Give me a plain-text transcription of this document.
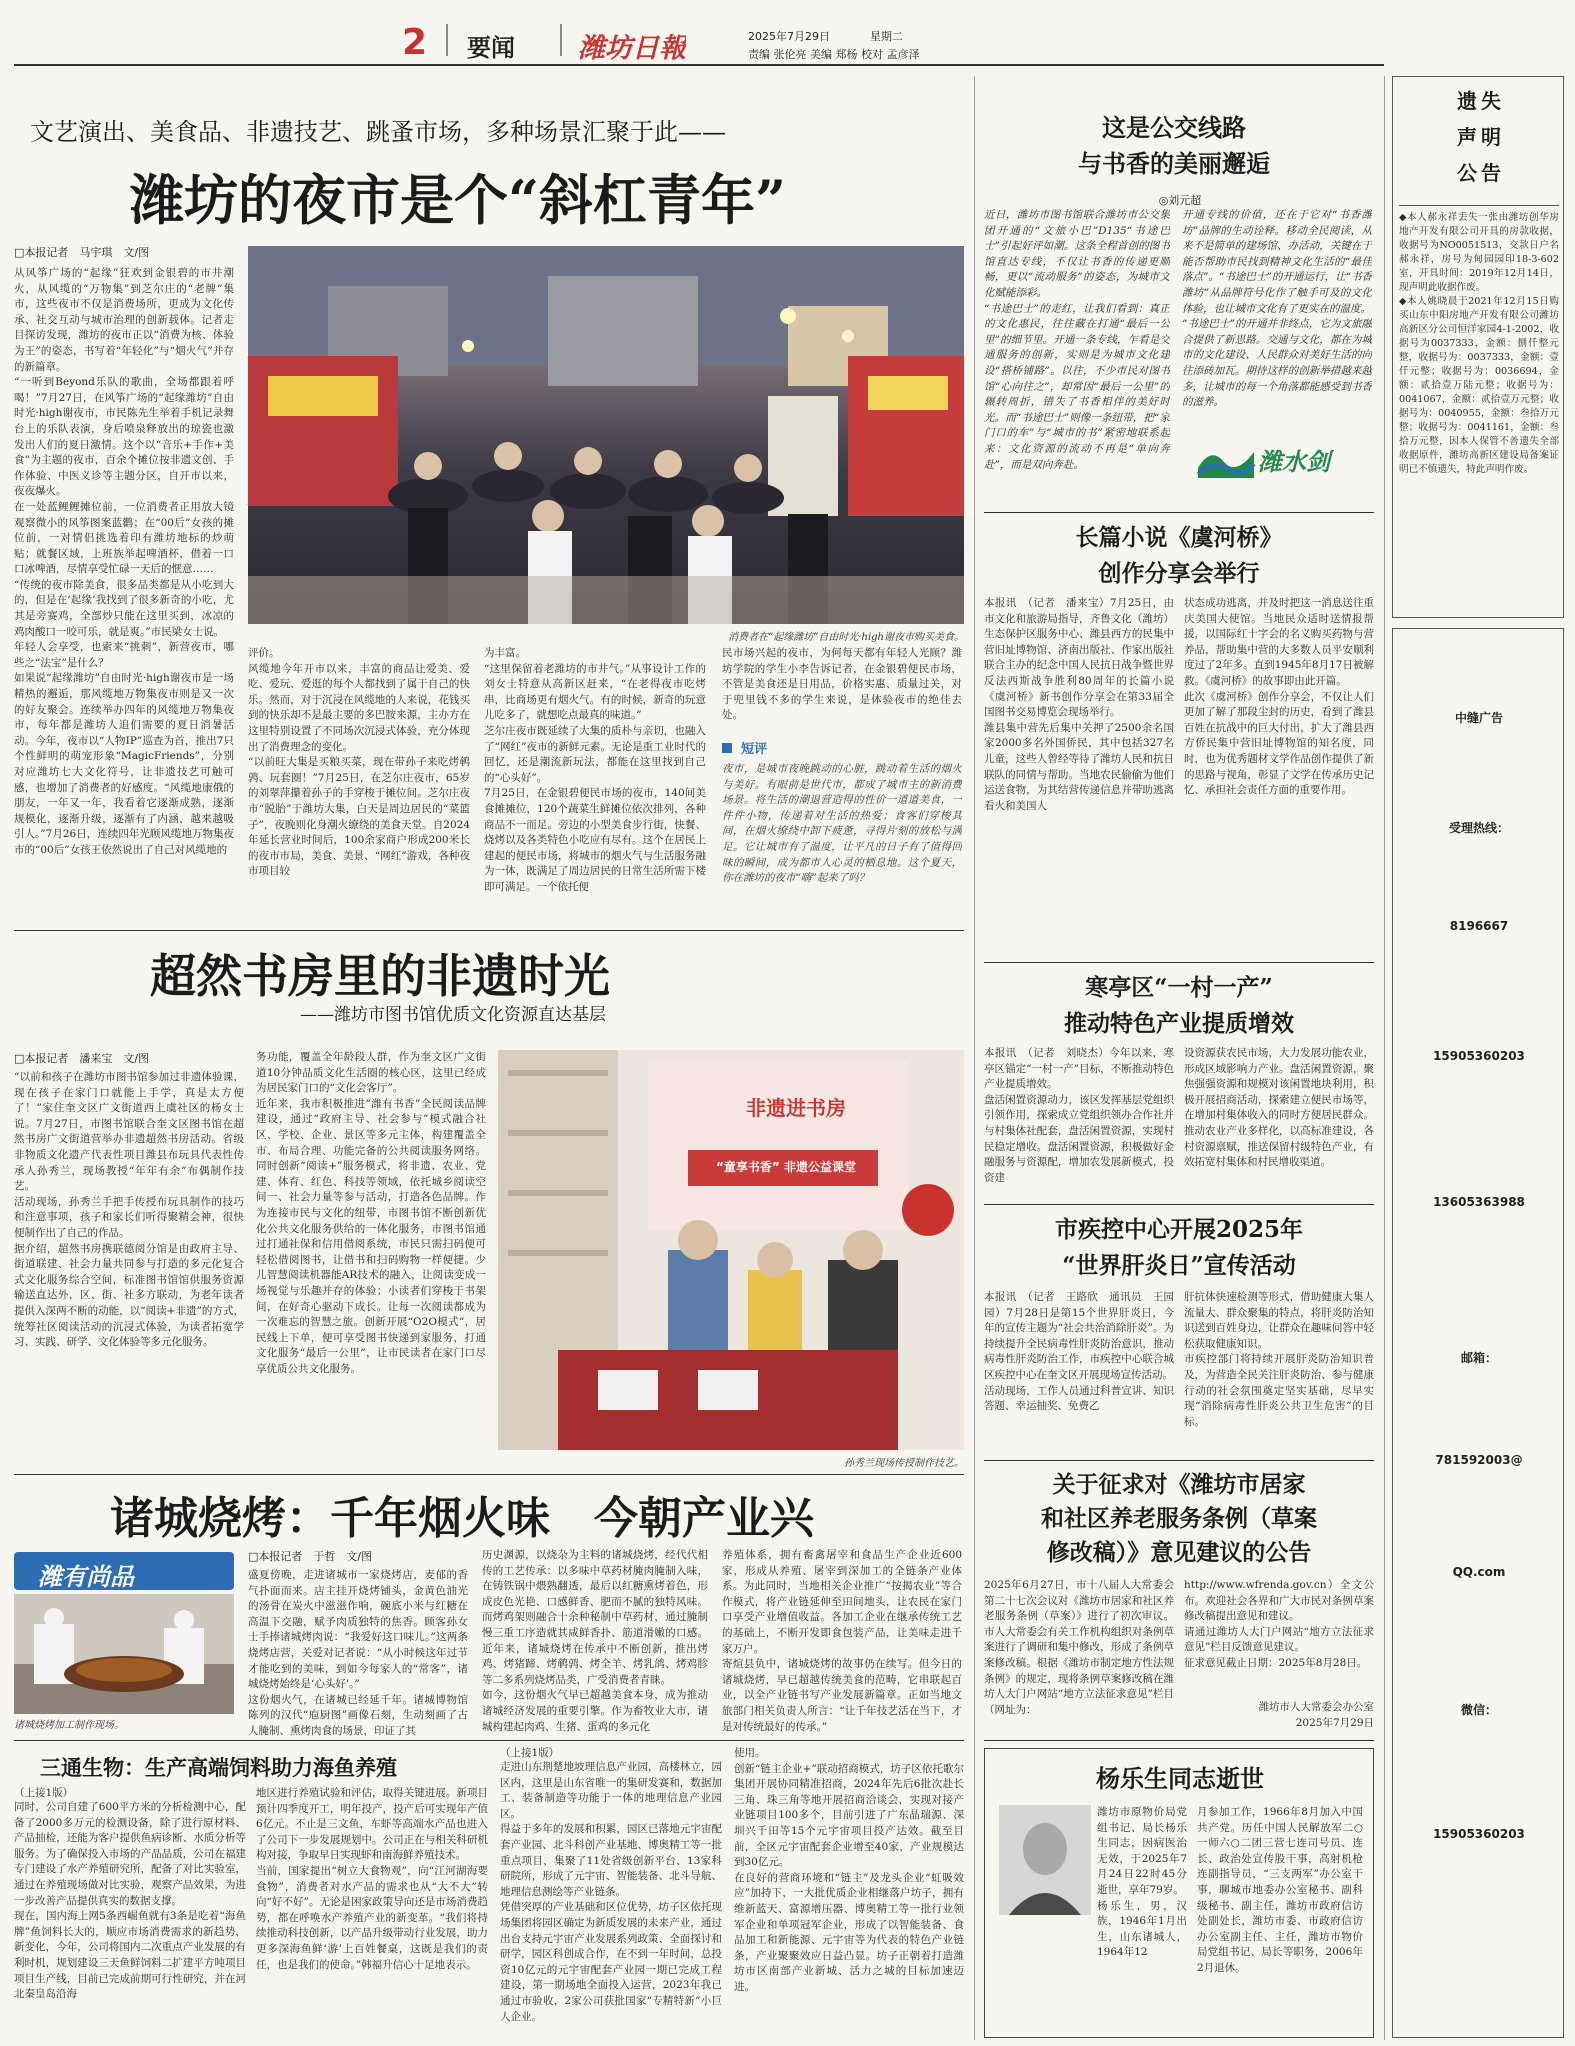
2 要闻 潍坊日報	2025年7月29日	星期二
责编 张伦亮 美编 郑杨 校对 孟彦泽
文艺演出、美食品、非遗技艺、跳蚤市场，多种场景汇聚于此——
潍坊的夜市是个“斜杠青年”
□本报记者　马宇琪　文/图
从风筝广场的“起缘”狂欢到金银碧的市井潮火，从风缆的“万物集”到芝尔庄的“老牌”集市，这些夜市不仅是消费场所，更成为文化传承、社交互动与城市治理的创新载体。记者走目探访发现，潍坊的夜市正以“消费为核、体验为王”的姿态，书写着“年轻化”与“烟火气”并存的新篇章。
“一听到Beyond乐队的歌曲，全场都跟着呼喝！”7月27日，在风筝广场的“起缘潍坊”自由时光·high谢夜市，市民陈先生举着手机记录舞台上的乐队表演，身后喷泉释放出的琼瓷也激发出人们的夏日激情。这个以“音乐+手作+美食”为主题的夜市，百余个摊位按非遗文创、手作体验、中医义诊等主题分区，自开市以来，夜夜爆火。
在一处蓝鲤鲤摊位前，一位消费者正用放大镜观察微小的风筝图案蓝鹳；在“00后”女孩的摊位前，一对情侣挑选着印有潍坊地标的炒萌贴；就餐区域，上班族举起啤酒杯，借着一口口冰啤酒，尽情享受忙碌一天后的惬意……
“传统的夜市除美食，很多品类都是从小吃到大的，但是在‘起缘’我找到了很多新奇的小吃，尤其是旁赛鸡，全部炒只能在这里买到，冰凉的鸡肉酸口一咬可乐，就是爽。”市民梁女士说。
年轻人会享受，也索来“挑刺”，新营夜市，哪些之“法宝”是什么？
如果说“起缘潍坊”自由时光·high谢夜市是一场精热的邂逅，那风缆地万物集夜市则是又一次的好友聚会。连续举办四年的风缆地万物集夜市，每年都是潍坊人追们需要的夏日消暑活动。今年，夜市以“人物IP”巡查为首，推出7只个性鲜明的萌宠形象“MagicFriends”，分别对应潍坊七大文化符号，让非遗技艺可触可感，也增加了消费者的好感度。“风缆地康俄的朋友，一年又一年，我看着它逐渐成熟，逐渐规模化，逐渐升级，逐渐有了内涵，越来越吸引人。”7月26日，连续四年光顾风缆地万物集夜市的“00后”女孩王依然说出了自己对风缆地的
消费者在“起缘潍坊”自由时光·high谢夜市购买美食。
评价。
风缆地今年开市以来，丰富的商品让爱美、爱吃、爱玩、爱逛的每个人都找到了属于自己的快乐。然而，对于沉浸在风缆地的人来说，花钱买到的快乐却不是最主要的多巴胺来源，主办方在这里特别设置了不同场次沉浸式体验，充分体现出了消费理念的变化。
“以前旺大集是买粮买菜，现在带孙子来吃烤鹌鹑、玩套圈！”7月25日，在芝尔庄夜市，65岁的刘翠萍攥着孙子的手穿梭于摊位间。芝尔庄夜市“脱胎”于潍坊大集，白天是周边居民的“菜篮子”，夜晚则化身潮火缭绕的美食天堂。自2024年延长营业时间后，100余家商户形成200米长的夜市市局，美食、美景、“网红”游戏，各种夜市项目较
为丰富。
“这里保留着老潍坊的市井气。”从事设计工作的刘女士特意从高新区赶来，“在老得夜市吃烤串，比商场更有烟火气。有的时候，新奇的玩意儿吃多了，就想吃点最真的味道。”
芝尔庄夜市既延续了大集的质朴与亲切，也融入了“网红”夜市的新鲜元素。无论是重工业时代的回忆，还是潮流新玩法，都能在这里找到自己的“心头好”。
7月25日，在金银碧便民市场的夜市，140间美食摊摊位，120个蔬菜生鲜摊位依次排列，各种商品不一而足。旁边的小型美食步行街，快餐、烧烤以及各类特色小吃应有尽有。这个在居民上建起的便民市场，将城市的烟火气与生活服务融为一体，既满足了周边居民的日常生活所需下楼即可满足。一个依托便
民市场兴起的夜市，为何每天都有年轻人光顾？潍坊学院的学生小李告诉记者，在金银碧便民市场，不管是美食还是日用品，价格实惠、质量过关，对于兜里钱不多的学生来说，是体验夜市的绝佳去处。
短评
夜市，是城市夜晚跳动的心脏，跳动着生活的烟火与美好。有眼前是世代市，都成了城市主的新消费场景。将生活的潮退营造得的性价一道道美食，一件件小物，传递着对生活的热爱；食客们穿梭其间，在烟火缭绕中卸下疲惫，寻得片刻的放松与满足。它让城市有了温度，让平凡的日子有了值得回味的瞬间，成为都市人心灵的栖息地。这个夏天，你在潍坊的夜市“嗨”起来了吗？
超然书房里的非遗时光
——潍坊市图书馆优质文化资源直达基层
□本报记者　潘来宝　文/图
“以前和孩子在潍坊市图书馆参加过非遗体验课，现在孩子在家门口就能上手学，真是太方便了！”家住奎文区广文街道西上虞社区的杨女士说。7月27日，市图书馆联合奎文区图书馆在超然书房广文街道营举办非遗超然书房活动。省级非物质文化遗产代表性项目潍县布玩具代表性传承人孙秀兰，现场教授“年年有余”布偶制作技艺。
活动现场，孙秀兰手把手传授布玩具制作的技巧和注意事项，孩子和家长们听得聚精会神，很快便制作出了自己的作品。
据介绍，超然书房携联德阅分馆是由政府主导、街道联建、社会力量共同参与打造的多元化复合式文化服务综合空间，标准图书馆馆供服务资源输送直达外，区、街、社多方联动，为老年读者提供入深两不断的动能，以“阅读+非遗”的方式，统筹社区阅读活动的沉浸式体验，为读者拓宽学习、实践、研学、文化体验等多元化服务。
务功能，覆盖全年龄段人群，作为奎文区广文街道10分钟品质文化生活圈的核心区，这里已经成为居民家门口的“文化会客厅”。
近年来，我市积极推进“潍有书香”全民阅读品牌建设，通过“政府主导、社会参与”模式融合社区、学校、企业、景区等多元主体，构建覆盖全市、布局合理、功能完备的公共阅读服务网络。同时创新“阅读+”服务模式，将非遗、农业、党建、体育、红色、科技等领域，依托城乡阅读空间一、社会力量等参与活动，打造各色品牌。作为连接市民与文化的纽带，市图书馆不断创新优化公共文化服务供给的一体化服务，市图书馆通过打通社保和信用借阅系统，市民只需扫码便可轻松借阅图书，让借书和扫码购物一样便捷。少儿智慧阅读机器能AR技术的融入，让阅读变成一场视觉与乐趣并存的体验；小读者们穿梭于书架间，在好奇心驱动下成长。让每一次阅读都成为一次难忘的智慧之旅。创新开展“O2O模式”，居民线上下单，便可享受图书快递到家服务，打通文化服务“最后一公里”，让市民读者在家门口尽享优质公共文化服务。
非遗进书房
“童享书香” 非遗公益课堂
孙秀兰现场传授制作技艺。
诸城烧烤：千年烟火味　今朝产业兴
潍有尚品
诸城烧烤加工制作现场。
□本报记者　于哲　文/图
盛夏傍晚，走进诸城市一家烧烤店，麦郁的香气扑面而来。店主挂开烧烤铺头，金黄色油光的汤骨在炭火中滋滋作响，碗底小米与红糖在高温下交融，赋予肉质独特的焦香。顾客孙女士手捧诸城烤肉说：“我爱好这口味儿。”这两条烧烤店营，关爱对记者说：“从小时候这年过节才能吃到的美味，到如今每家人的“常客”，诸城烧烤始终是‘心头好’。”
这份烟火气，在诸城已经延千年。诸城博物馆陈列的汉代“庖厨图”画像石刻，生动刻画了古人腌制、熏烤肉食的场景，印证了其
历史渊源，以烧杂为主料的诸城烧烤，经代代相传的工艺传承：以多味中草药材腌肉腌制入味，在铸铁锅中煨熟翻透，最后以红糖熏烤着色，形成皮色光艳、口感鲜香、肥而不腻的独特风味。而烤鸡架则融合十余种秘制中草药材，通过腌制慢三重工序造就其咸鲜香扑、筋道滑嫩的口感。近年来，诸城烧烤在传承中不断创新，推出烤鸡、烤猪蹄、烤鹌鹑、烤全羊、烤乳鸽、烤鸡胗等二多系列烧烤品类，广受消费者青睐。
如今，这份烟火气早已超越美食本身，成为推动诸城经济发展的重要引擎。作为畜牧业大市，诸城构建起肉鸡、生猪、蛋鸡的多元化
养殖体系，拥有畜禽屠宰和食品生产企业近600家，形成从养殖、屠宰到深加工的全链条产业体系。为此同时，当地相关企业推广“按揭农业”等合作模式，将产业链延伸至田间地头，让农民在家门口享受产业增值收益。各加工企业在继承传统工艺的基础上，不断开发即食包装产品，让美味走进千家万户。
寄煊县负中，诸城烧烤的故事仍在续写。但今日的诸城烧烤，早已超越传统美食的范畴，它串联起百业，以全产业链书写产业发展新篇章。正如当地文旅部门相关负责人所言：“让千年技艺活在当下，才是对传统最好的传承。”
三通生物：生产高端饲料助力海鱼养殖
（上接1版）
同时，公司自建了600平方米的分析检测中心，配备了2000多万元的检测设备，除了进行原材料、产品抽检，还能为客户提供鱼病诊断、水质分析等服务。为了确保投入市场的产品品质，公司在福建专门建设了水产养殖研究所，配备了对比实验室，通过在养殖现场做对比实验，观察产品效果，为进一步改善产品提供真实的数据支撑。
现在，国内海上网5条西崛鱼就有3条是吃着“海鱼牌”鱼饲料长大的，顺应市场消费需求的新趋势，新变化，今年，公司将国内二次重点产业发展的有利时机，规划建设三天鱼鲜饲料二扩建平方吨项目项目生产线，目前已完成前期可行性研究，并在河北秦皇岛沿海
地区进行养殖试验和评估，取得关键进展。新项目预计四季度开工，明年投产，投产后可实现年产值6亿元。不止是三文鱼，车虾等高端水产品也进入了公司下一步发展规划中。公司正在与相关科研机构对接，争取早日实现虾和南海鲜养殖技术。
当前，国家提出“树立大食物观”，向“江河湖海要食物”，消费者对水产品的需求也从“大不大”转向“好不好”。无论是困家政策导向还是市场消费趋势，都在呼唤水产养殖产业的新变革。“我们将持续推动科技创新，以产品升级带动行业发展，助力更多深海鱼鲜‘游’上百姓餐桌，这既是我们的责任，也是我们的使命。”韩福升信心十足地表示。
（上接1版）
走进山东荆楚地坡理信息产业园，高楼林立，园区内，这里是山东省唯一的集研发赛和，数据加工、装备制造等功能于一体的地理信息产业园区。
得益于多年的发展和积累，园区已落地元宇宙配套产业园、北斗科创产业基地、博奥精工等一批重点项目，集聚了11处省级创新平台、13家科研院所，形成了元宇宙、智能装备、北斗导航、地理信息测绘等产业链条。
凭借突厚的产业基础和区位优势，坊子区依托现场集团将园区确定为新质发展的未来产业，通过出台支持元宇宙产业发展系列政策、全面探讨和研学，园区科创成合作，在不到一年时间，总投资10亿元的元宇宙配套产业园一期已完成工程建设，第一期场地全面投入运营，2023年我已通过市验收，2家公司获批国家“专精特新”小巨人企业。
使用。
创新“链主企业+”联动招商模式，坊子区依托歌尔集团开展协同精准招商，2024年先后6批次赴长三角、珠三角等地开展招商洽谈会，实现对接产业链项目100多个，目前引进了广东晶瑞源、深圳兴千田等15个元宇宙项目投产达效。截至目前，全区元宇宙配套企业增至40家，产业规模达到30亿元。
在良好的营商环境和“链主”及龙头企业“虹吸效应”加持下，一大批优质企业相继落户坊子，拥有维新蓝天、富源增压器、博奥精工等一批行业领军企业和单项冠军企业，形成了以智能装备、食品加工和新能源、元宇宙等为代表的特色产业链条，产业聚聚效应日益凸显。坊子正朝着打造潍坊市区南部产业新城、活力之城的目标加速迈进。
这是公交线路
与书香的美丽邂逅
◎刘元超
近日，潍坊市图书馆联合潍坊市公交集团开通的“文旅小巴”D135“书途巴士”引起好评如潮。这条全程首创的图书馆直达专线，不仅让书香的传递更顺畅，更以“流动服务”的姿态，为城市文化赋能添彩。
“书途巴士”的走红，让我们看到：真正的文化惠民，往往藏在打通“最后一公里”的细节里。开通一条专线，乍看是交通服务的创新，实则是为城市文化建设“搭桥铺路”。以往，不少市民对图书馆“心向往之”，却常因“最后一公里”的辗转周折，错失了书香相伴的美好时光。而“书途巴士”则像一条纽带，把“家门口的车”与“城市的书”紧密地联系起来：文化资源的流动不再是“单向奔赴”，而是双向奔赴。
开通专线的价值，还在于它对“书香潍坊”品牌的生动诠释。移动全民阅读，从来不是简单的建场馆、办活动，关键在于能否帮助市民找到精神文化生活的“最佳落点”。“书途巴士”的开通运行，让“书香潍坊”从品牌符号化作了触手可及的文化体验，也让城市文化有了更实在的温度。
“书途巴士”的开通并非终点，它为文旅融合提供了新思路。交通与文化，都在为城市的文化建设、人民群众对美好生活的向往添砖加瓦。期待这样的创新举措越来越多，让城市的每一个角落都能感受到书香的滋养。
潍水剑
长篇小说《虞河桥》
创作分享会举行
本报讯　（记者　潘来宝）7月25日，由市文化和旅游局指导，齐鲁文化（潍坊）生态保护区服务中心、潍县西方的民集中营旧址博物馆、济南出版社、作家出版社联合主办的纪念中国人民抗日战争暨世界反法西斯战争胜利80周年的长篇小说《虞河桥》新书创作分享会在第33届全国图书交易博览会现场举行。
潍县集中营先后集中关押了2500余名国家2000多名外国侨民，其中包括327名儿童，这些人曾经等待了潍坊人民和抗日联队的同情与帮助。当地农民偷偷为他们运送食物，为其结营传递信息并带助逃离看火和美国人
状态成功逃离，并及时把这一消息送往重庆美国大使馆。当地民众适时送情报帮援，以国际红十字会的名义购买药物与营养品，帮助集中营的大多数人员平安顺利度过了2年多。直到1945年8月17日被解救。《虞河桥》的故事即由此开篇。
此次《虞河桥》创作分享会，不仅让人们更加了解了那段尘封的历史，看到了潍县百姓在抗战中的巨大付出，扩大了潍县西方侨民集中营旧址博物馆的知名度，同时，也为优秀题材文学作品创作提供了新的思路与视角，彰显了文学在传承历史记忆、承担社会责任方面的重要作用。
寒亭区“一村一产”
推动特色产业提质增效
本报讯　（记者　刘晓杰）今年以来，寒亭区锚定“一村一产”目标，不断推动特色产业提质增效。
盘活闲置资源动力，该区发挥基层党组织引领作用，探索成立党组织领办合作社并与村集体社配套，盘活闲置资源，实现村民稳定增收。盘活闲置资源，积极做好金融服务与资源配，增加农发展新模式，投资建
设资源获农民市场，大力发展功能农业，形成区域影响力产业。盘活闲置资源，聚焦强强资源和规模对该闲置地块利用，积极开展招商活动，探索建立便民市场等，在增加村集体收入的同时方便居民群众。推动农业产业多样化，以高标准建设，各村资源禀赋，推送保留村级特色产业，有效拓宽村集体和村民增收渠道。
市疾控中心开展2025年
“世界肝炎日”宣传活动
本报讯　（记者　王路欣　通讯员　王园园）7月28日是第15个世界肝炎日，今年的宣传主题为“社会共治消除肝炎”。为持续提升全民病毒性肝炎防治意识，推动病毒性肝炎防治工作，市疾控中心联合城区疾控中心在奎文区开展现场宣传活动。
活动现场，工作人员通过科普宣讲、知识答题、幸运抽奖、免费乙
肝抗体快速检测等形式，借助健康大集人流量大、群众聚集的特点，将肝炎防治知识送到百姓身边，让群众在趣味问答中轻松获取健康知识。
市疾控部门将持续开展肝炎防治知识普及，为营造全民关注肝炎防治、参与健康行动的社会氛围奠定坚实基础，尽早实现“消除病毒性肝炎公共卫生危害”的目标。
关于征求对《潍坊市居家
和社区养老服务条例（草案
修改稿）》意见建议的公告
2025年6月27日，市十八届人大常委会第二十七次会议对《潍坊市居家和社区养老服务条例（草案）》进行了初次审议。市人大常委会有关工作机构组织对条例草案进行了调研和集中修改，形成了条例草案修改稿。根据《潍坊市制定地方性法规条例》的规定，现将条例草案修改稿在潍坊人大门户网站“地方立法征求意见”栏目（网址为：
http://www.wfrenda.gov.cn）全文公布。欢迎社会各界和广大市民对条例草案修改稿提出意见和建议。
请通过潍坊人大门户网站“地方立法征求意见”栏目反馈意见建议。
征求意见截止日期：2025年8月28日。
潍坊市人大常委会办公室
2025年7月29日
杨乐生同志逝世
潍坊市原物价局党组书记、局长杨乐生同志，因病医治无效，于2025年7月24日22时45分逝世，享年79岁。
杨乐生，男，汉族，1946年1月出生，山东诸城人，1964年12
月参加工作，1966年8月加入中国共产党。历任中国人民解放军二○一师六○二团三营七连司号员、连长、政治处宣传股干事，高射机枪连副指导员，“三支两军”办公室干事，聊城市地委办公室秘书、副科级秘书、副主任，潍坊市政府信访处副处长，潍坊市委、市政府信访办公室副主任、主任，潍坊市物价局党组书记、局长等职务，2006年2月退休。
遗 失
声 明
公 告
◆本人郝永祥丢失一张由潍坊创华房地产开发有限公司开具的房款收据，收据号为NO0051513，交款日户名郝永祥，房号为甸园园印18-3-602室，开具时间：2019年12月14日，现声明此收据作废。
◆本人姚晓晨于2021年12月15日购买山东中阳房地产开发有限公司潍坊高新区分公司恒洋家园4-1-2002，收据号为0037333，金额：捌仟整元整，收据号为：0037333，金额：壹仟元整；收据号为：0036694，金额：贰拾壹万陆元整；收据号为：0041067，金额：贰拾壹万元整；收据号为：0040955，金额：叁拾万元整；收据号为：0041161，金额：叁拾万元整，因本人保管不善遗失全部收据原件，潍坊高新区建设局备案证明已不慎遗失，特此声明作废。
中缝广告
受理热线：
8196667
15905360203
13605363988
邮箱：
781592003@
QQ.com
微信：
15905360203
